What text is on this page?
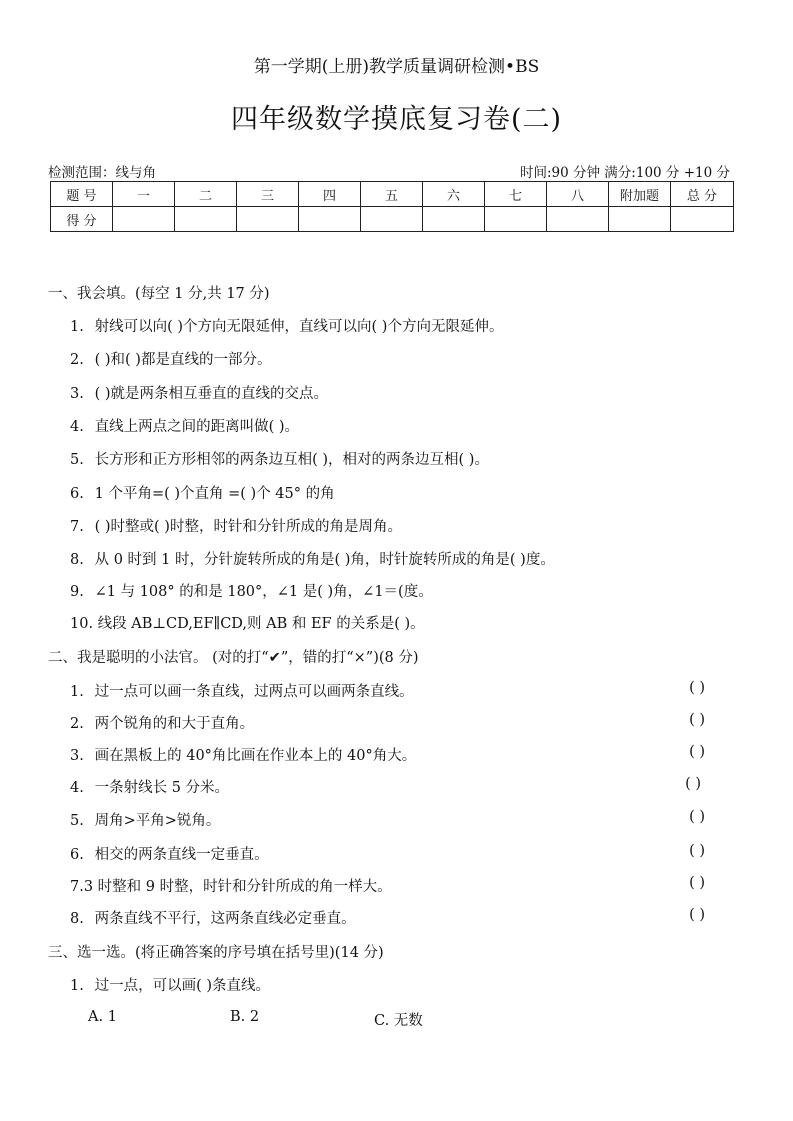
第一学期(上册)教学质量调研检测•BS
四年级数学摸底复习卷(二)
检测范围：线与角	时间:90 分钟 满分:100 分 +10 分
题 号	一	二	三	四	五	六	七	八	附加题	总 分
得 分										
一、我会填。(每空 1 分,共 17 分)
1. 射线可以向( )个方向无限延伸，直线可以向( )个方向无限延伸。
2. ( )和( )都是直线的一部分。
3. ( )就是两条相互垂直的直线的交点。
4. 直线上两点之间的距离叫做( )。
5. 长方形和正方形相邻的两条边互相( )，相对的两条边互相( )。
6. 1 个平角=( )个直角 =( )个 45° 的角
7. ( )时整或( )时整，时针和分针所成的角是周角。
8. 从 0 时到 1 时，分针旋转所成的角是( )角，时针旋转所成的角是( )度。
9. ∠1 与 108° 的和是 180°，∠1 是( )角，∠1＝(度。
10. 线段 AB⊥CD,EF∥CD,则 AB 和 EF 的关系是( )。
二、我是聪明的小法官。 (对的打“✔”，错的打“×”)(8 分)
1. 过一点可以画一条直线，过两点可以画两条直线。	( )
2. 两个锐角的和大于直角。	( )
3. 画在黑板上的 40°角比画在作业本上的 40°角大。	( )
4. 一条射线长 5 分米。	( )
5. 周角>平角>锐角。	( )
6. 相交的两条直线一定垂直。	( )
7.3 时整和 9 时整，时针和分针所成的角一样大。	( )
8. 两条直线不平行，这两条直线必定垂直。	( )
三、选一选。(将正确答案的序号填在括号里)(14 分)
1. 过一点，可以画( )条直线。
A. 1	B. 2	C. 无数
